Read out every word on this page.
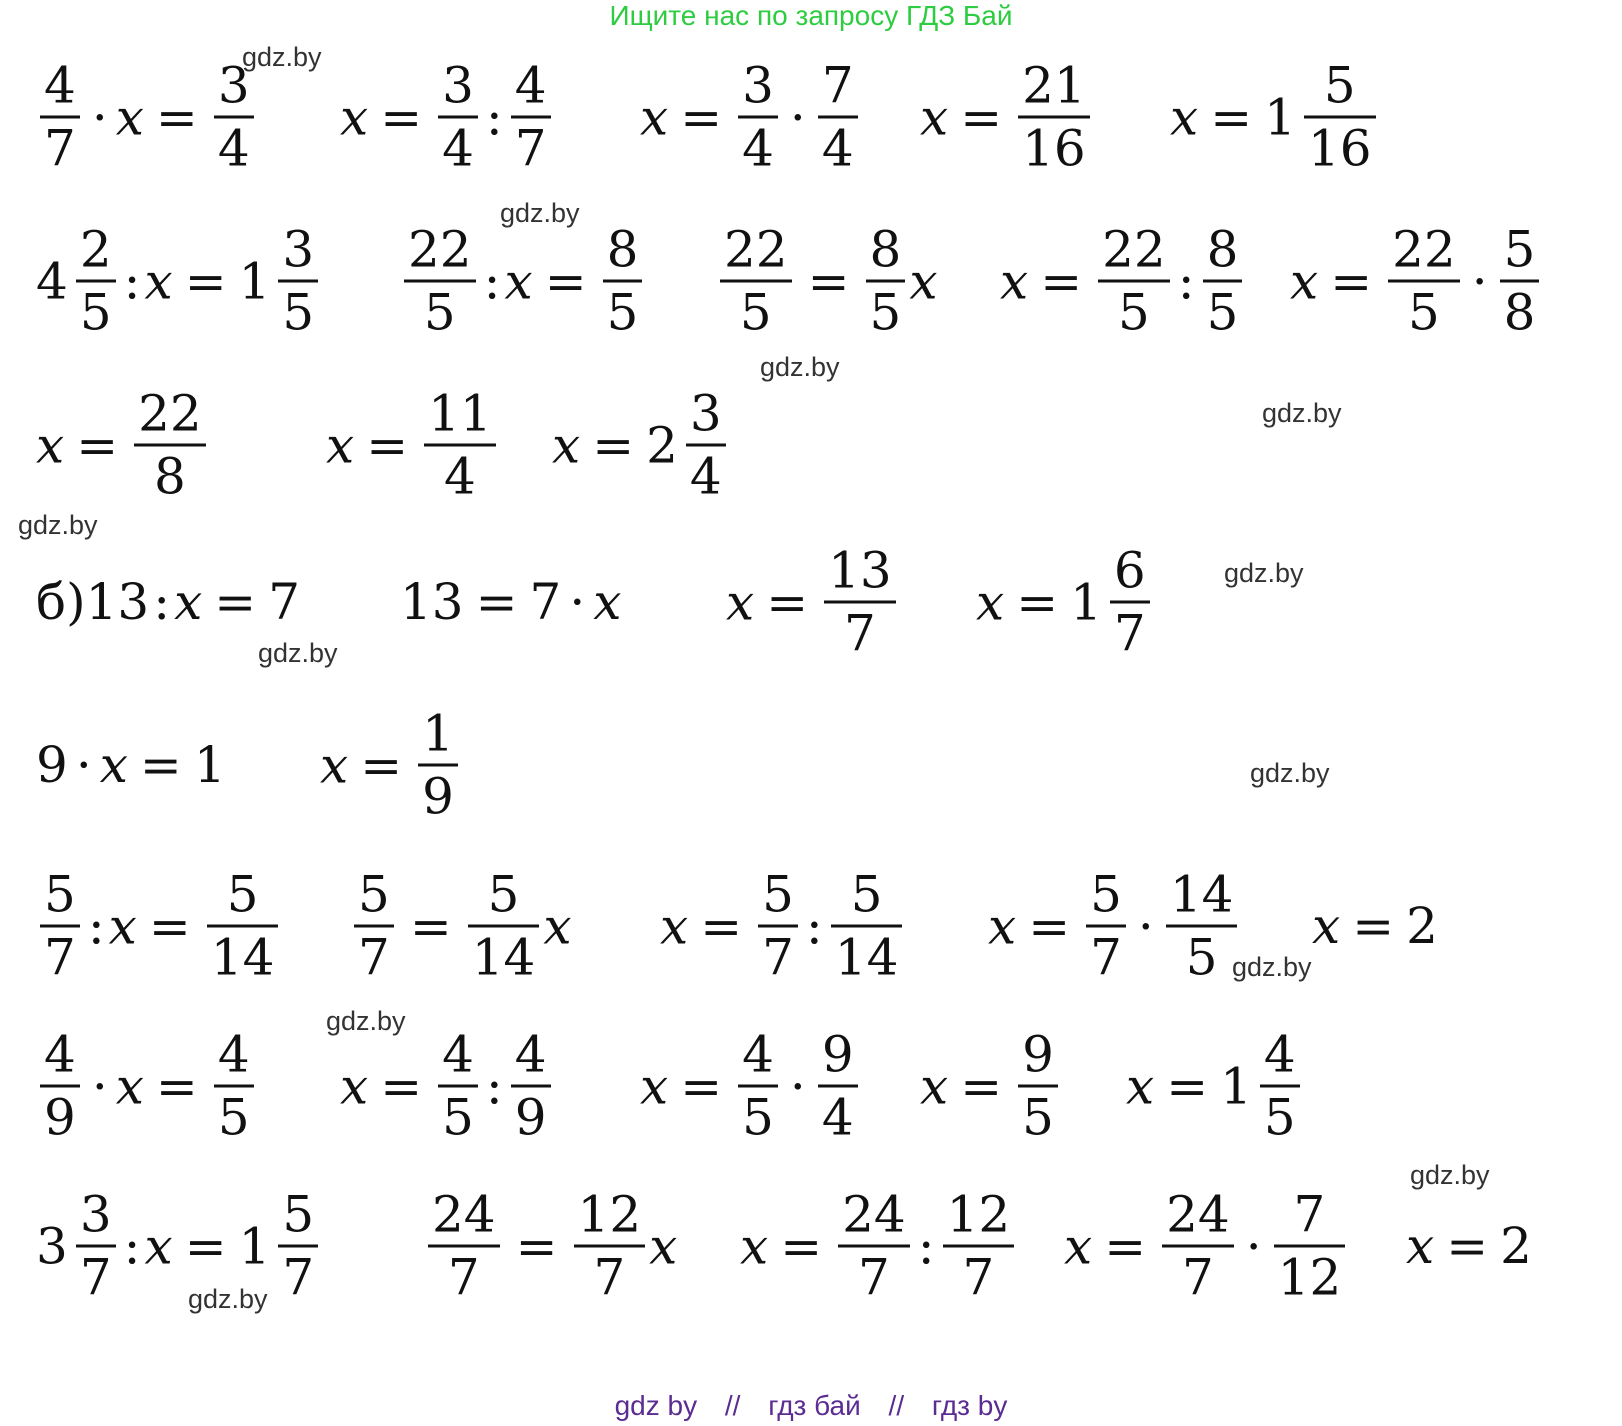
Ищите нас по запросу ГДЗ Бай
$\frac{4}{7} \cdot x = \frac{3}{4}$ $x = \frac{3}{4}$ : $\frac{4}{7}$ $x = \frac{3}{4} \cdot \frac{7}{4}$ $x = \frac{21}{16}$ $x = 1 \frac{5}{16}$
$4 \frac{2}{5}$ : $x = 1 \frac{3}{5} \frac{22}{5}$ : $x = \frac{8}{5} \frac{22}{5} = \frac{8}{5}$ x $x = \frac{22}{5}$ : $\frac{8}{5}$ $x = \frac{22}{5} \cdot \frac{5}{8}$
$x = \frac{22}{8}$ $x = \frac{11}{4}$ $x = 2 \frac{3}{4}$
б)13 : x = 7 13 = 7 · x $x = \frac{13}{7}$ $x = 1 \frac{6}{7}$
9 · x = 1 $x = \frac{1}{9}$
$\frac{5}{7}$ : $x = \frac{5}{14} \frac{5}{7} = \frac{5}{14}$ x $x = \frac{5}{7}$ : $\frac{5}{14}$ $x = \frac{5}{7} \cdot \frac{14}{5}$ x = 2
$\frac{4}{9} \cdot x = \frac{4}{5}$ $x = \frac{4}{5}$ : $\frac{4}{9}$ $x = \frac{4}{5} \cdot \frac{9}{4}$ $x = \frac{9}{5}$ $x = 1 \frac{4}{5}$
$3 \frac{3}{7}$ : $x = 1 \frac{5}{7} \frac{24}{7} = \frac{12}{7}$ x $x = \frac{24}{7}$ : $\frac{12}{7}$ $x = \frac{24}{7} \cdot \frac{7}{12}$ x = 2
gdz.by
gdz.by
gdz.by
gdz.by
gdz.by
gdz.by
gdz.by
gdz.by
gdz.by
gdz.by
gdz.by
gdz.by
gdz by // гдз бай // гдз by
